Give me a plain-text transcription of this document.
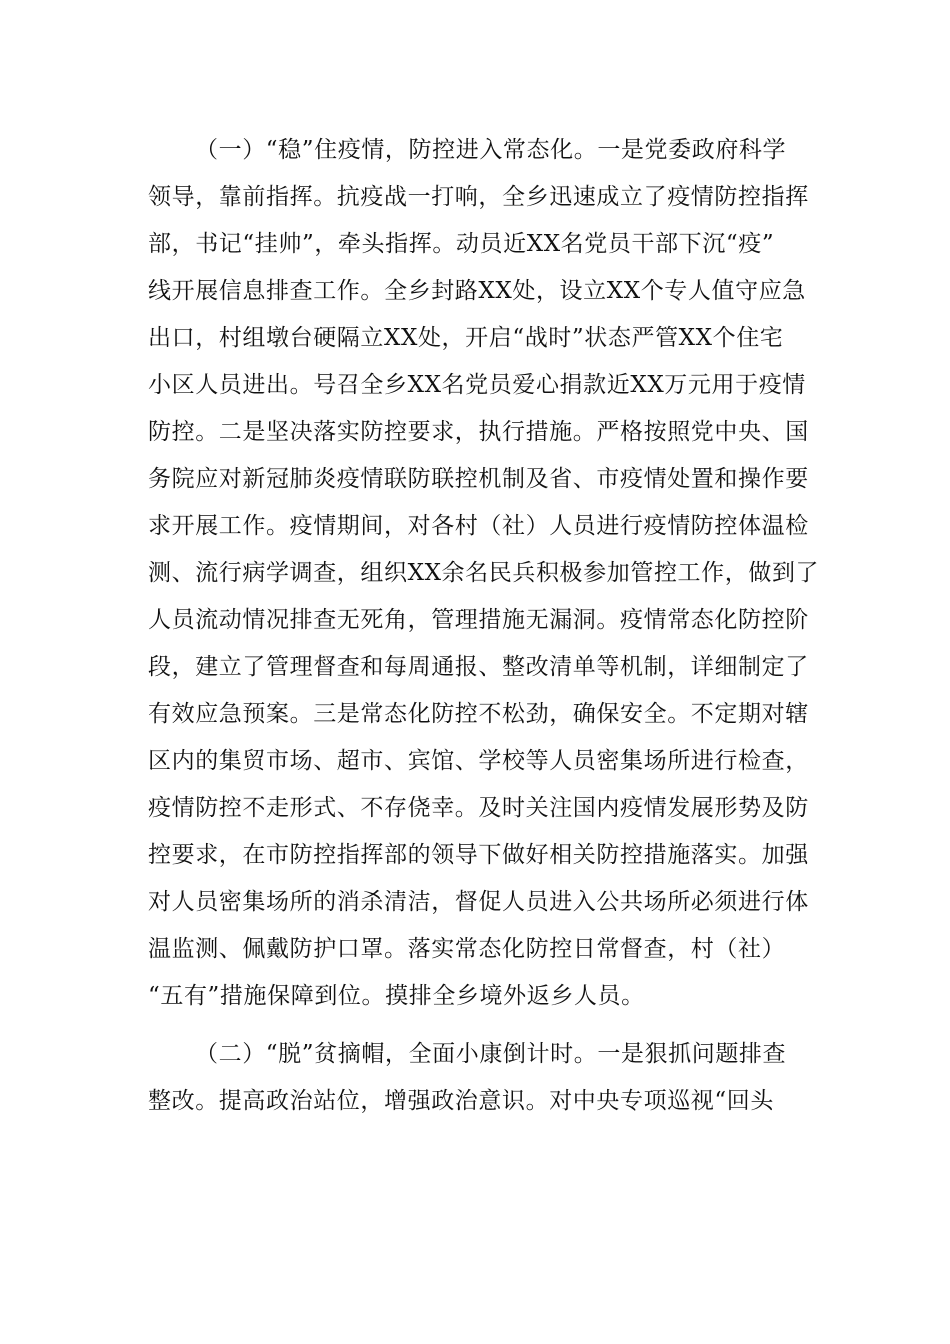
（一）“稳”住疫情，防控进入常态化。一是党委政府科学
领导，靠前指挥。抗疫战一打响，全乡迅速成立了疫情防控指挥
部，书记“挂帅”，牵头指挥。动员近XX名党员干部下沉“疫”
线开展信息排查工作。全乡封路XX处，设立XX个专人值守应急
出口，村组墩台硬隔立XX处，开启“战时”状态严管XX个住宅
小区人员进出。号召全乡XX名党员爱心捐款近XX万元用于疫情
防控。二是坚决落实防控要求，执行措施。严格按照党中央、国
务院应对新冠肺炎疫情联防联控机制及省、市疫情处置和操作要
求开展工作。疫情期间，对各村（社）人员进行疫情防控体温检
测、流行病学调查，组织XX余名民兵积极参加管控工作，做到了
人员流动情况排查无死角，管理措施无漏洞。疫情常态化防控阶
段，建立了管理督查和每周通报、整改清单等机制，详细制定了
有效应急预案。三是常态化防控不松劲，确保安全。不定期对辖
区内的集贸市场、超市、宾馆、学校等人员密集场所进行检查，
疫情防控不走形式、不存侥幸。及时关注国内疫情发展形势及防
控要求，在市防控指挥部的领导下做好相关防控措施落实。加强
对人员密集场所的消杀清洁，督促人员进入公共场所必须进行体
温监测、佩戴防护口罩。落实常态化防控日常督查，村（社）
“五有”措施保障到位。摸排全乡境外返乡人员。
（二）“脱”贫摘帽，全面小康倒计时。一是狠抓问题排查
整改。提高政治站位，增强政治意识。对中央专项巡视“回头
